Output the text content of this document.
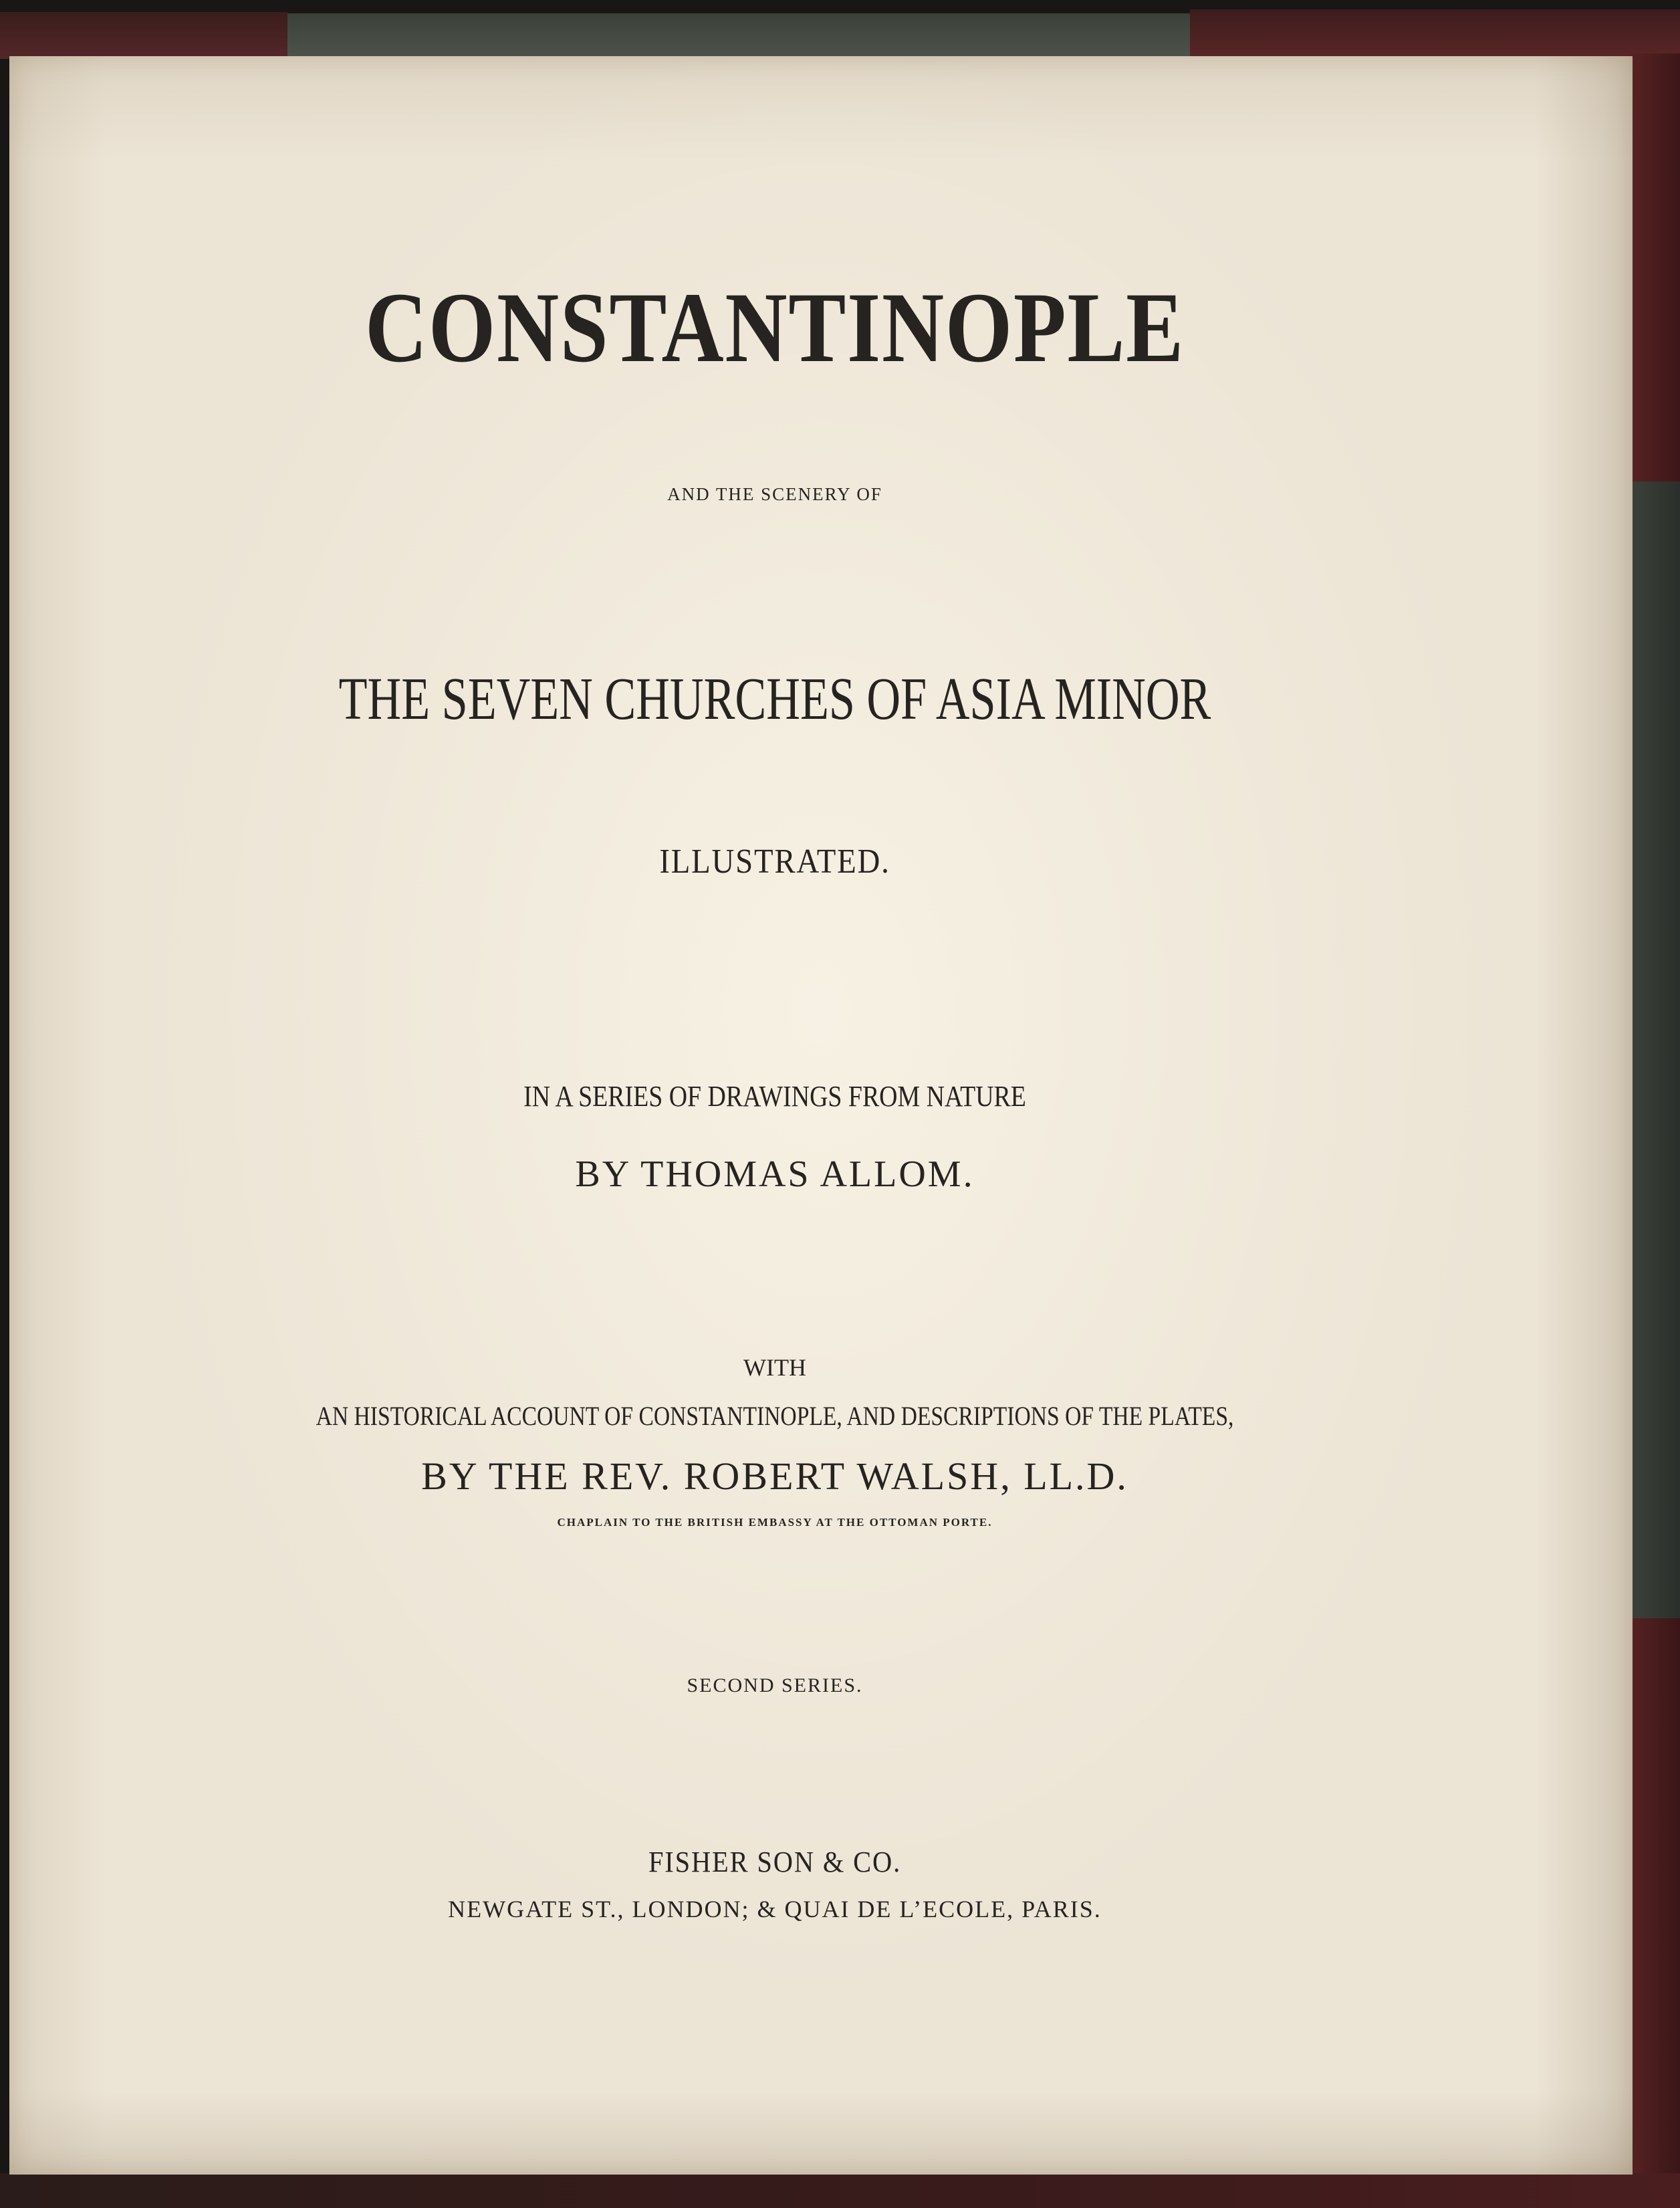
CONSTANTINOPLE
AND THE SCENERY OF
THE SEVEN CHURCHES OF ASIA MINOR
ILLUSTRATED.
IN A SERIES OF DRAWINGS FROM NATURE
BY THOMAS ALLOM.
WITH
AN HISTORICAL ACCOUNT OF CONSTANTINOPLE, AND DESCRIPTIONS OF THE PLATES,
BY THE REV. ROBERT WALSH, LL.D.
CHAPLAIN TO THE BRITISH EMBASSY AT THE OTTOMAN PORTE.
SECOND SERIES.
FISHER SON & CO.
NEWGATE ST., LONDON; & QUAI DE L’ECOLE, PARIS.
